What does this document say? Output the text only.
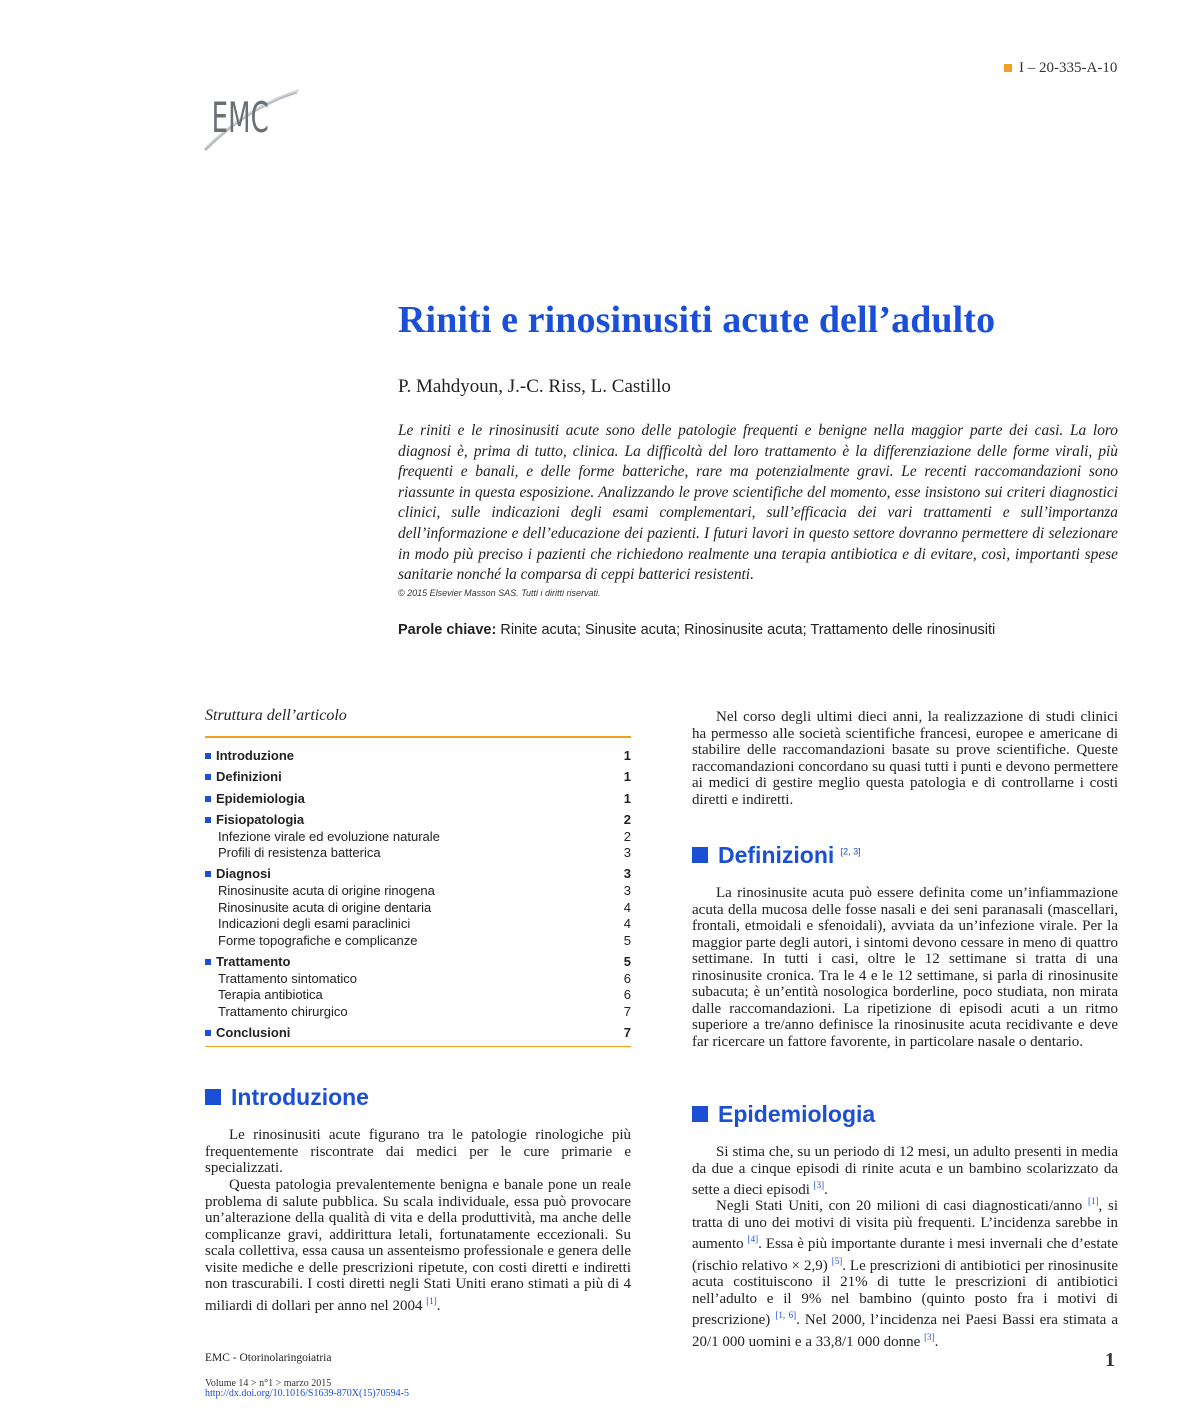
I – 20-335-A-10
EMC
Riniti e rinosinusiti acute dell’adulto
P. Mahdyoun, J.-C. Riss, L. Castillo

Le riniti e le rinosinusiti acute sono delle patologie frequenti e benigne nella maggior parte dei casi. La loro diagnosi è, prima di tutto, clinica. La difficoltà del loro trattamento è la differenziazione delle forme virali, più frequenti e banali, e delle forme batteriche, rare ma potenzialmente gravi. Le recenti raccomandazioni sono riassunte in questa esposizione. Analizzando le prove scientifiche del momento, esse insistono sui criteri diagnostici clinici, sulle indicazioni degli esami complementari, sull’efficacia dei vari trattamenti e sull’importanza dell’informazione e dell’educazione dei pazienti. I futuri lavori in questo settore dovranno permettere di selezionare in modo più preciso i pazienti che richiedono realmente una terapia antibiotica e di evitare, così, importanti spese sanitarie nonché la comparsa di ceppi batterici resistenti.

© 2015 Elsevier Masson SAS. Tutti i diritti riservati.
Parole chiave: Rinite acuta; Sinusite acuta; Rinosinusite acuta; Trattamento delle rinosinusiti
Struttura dell’articolo
Introduzione	1
Definizioni	1
Epidemiologia	1
Fisiopatologia	2
Infezione virale ed evoluzione naturale	2
Profili di resistenza batterica	3
Diagnosi	3
Rinosinusite acuta di origine rinogena	3
Rinosinusite acuta di origine dentaria	4
Indicazioni degli esami paraclinici	4
Forme topografiche e complicanze	5
Trattamento	5
Trattamento sintomatico	6
Terapia antibiotica	6
Trattamento chirurgico	7
Conclusioni	7
Introduzione

Le rinosinusiti acute figurano tra le patologie rinologiche più frequentemente riscontrate dai medici per le cure primarie e specializzati.

Questa patologia prevalentemente benigna e banale pone un reale problema di salute pubblica. Su scala individuale, essa può provocare un’alterazione della qualità di vita e della produttività, ma anche delle complicanze gravi, addirittura letali, fortunatamente eccezionali. Su scala collettiva, essa causa un assenteismo professionale e genera delle visite mediche e delle prescrizioni ripetute, con costi diretti e indiretti non trascurabili. I costi diretti negli Stati Uniti erano stimati a più di 4 miliardi di dollari per anno nel 2004 [1].

Nel corso degli ultimi dieci anni, la realizzazione di studi clinici ha permesso alle società scientifiche francesi, europee e americane di stabilire delle raccomandazioni basate su prove scientifiche. Queste raccomandazioni concordano su quasi tutti i punti e devono permettere ai medici di gestire meglio questa patologia e di controllarne i costi diretti e indiretti.

Definizioni [2, 3]

La rinosinusite acuta può essere definita come un’infiammazione acuta della mucosa delle fosse nasali e dei seni paranasali (mascellari, frontali, etmoidali e sfenoidali), avviata da un’infezione virale. Per la maggior parte degli autori, i sintomi devono cessare in meno di quattro settimane. In tutti i casi, oltre le 12 settimane si tratta di una rinosinusite cronica. Tra le 4 e le 12 settimane, si parla di rinosinusite subacuta; è un’entità nosologica borderline, poco studiata, non mirata dalle raccomandazioni. La ripetizione di episodi acuti a un ritmo superiore a tre/anno definisce la rinosinusite acuta recidivante e deve far ricercare un fattore favorente, in particolare nasale o dentario.

Epidemiologia

Si stima che, su un periodo di 12 mesi, un adulto presenti in media da due a cinque episodi di rinite acuta e un bambino scolarizzato da sette a dieci episodi [3].

Negli Stati Uniti, con 20 milioni di casi diagnosticati/anno [1], si tratta di uno dei motivi di visita più frequenti. L’incidenza sarebbe in aumento [4]. Essa è più importante durante i mesi invernali che d’estate (rischio relativo × 2,9) [5]. Le prescrizioni di antibiotici per rinosinusite acuta costituiscono il 21% di tutte le prescrizioni di antibiotici nell’adulto e il 9% nel bambino (quinto posto fra i motivi di prescrizione) [1, 6]. Nel 2000, l’incidenza nei Paesi Bassi era stimata a 20/1 000 uomini e a 33,8/1 000 donne [3].

EMC - Otorinolaringoiatria	1
Volume 14 > n°1 > marzo 2015
http://dx.doi.org/10.1016/S1639-870X(15)70594-5
